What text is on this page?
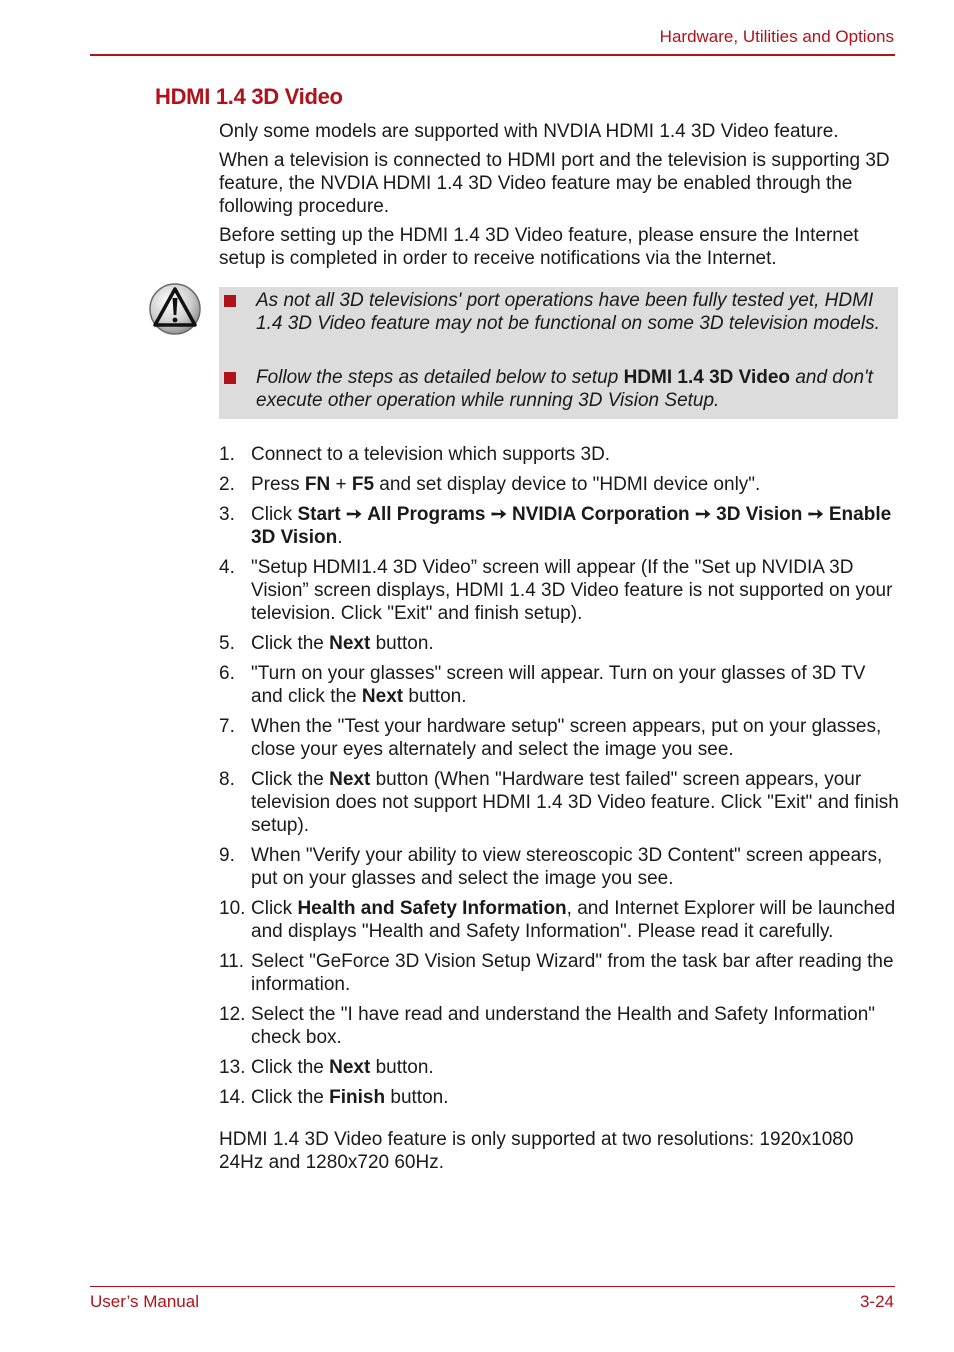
Hardware, Utilities and Options
HDMI 1.4 3D Video

Only some models are supported with NVDIA HDMI 1.4 3D Video feature.

When a television is connected to HDMI port and the television is supporting 3D feature, the NVDIA HDMI 1.4 3D Video feature may be enabled through the following procedure.

Before setting up the HDMI 1.4 3D Video feature, please ensure the Internet setup is completed in order to receive notifications via the Internet.

As not all 3D televisions' port operations have been fully tested yet, HDMI 1.4 3D Video feature may not be functional on some 3D television models.
Follow the steps as detailed below to setup HDMI 1.4 3D Video and don't execute other operation while running 3D Vision Setup.
1. Connect to a television which supports 3D.
2. Press FN + F5 and set display device to "HDMI device only".
3. Click Start ➙ All Programs ➙ NVIDIA Corporation ➙ 3D Vision ➙ Enable 3D Vision.
4. "Setup HDMI1.4 3D Video” screen will appear (If the "Set up NVIDIA 3D Vision” screen displays, HDMI 1.4 3D Video feature is not supported on your television. Click "Exit" and finish setup).
5. Click the Next button.
6. "Turn on your glasses" screen will appear. Turn on your glasses of 3D TV and click the Next button.
7. When the "Test your hardware setup" screen appears, put on your glasses, close your eyes alternately and select the image you see.
8. Click the Next button (When "Hardware test failed" screen appears, your television does not support HDMI 1.4 3D Video feature. Click "Exit" and finish setup).
9. When "Verify your ability to view stereoscopic 3D Content" screen appears, put on your glasses and select the image you see.
10. Click Health and Safety Information, and Internet Explorer will be launched and displays "Health and Safety Information". Please read it carefully.
11. Select "GeForce 3D Vision Setup Wizard" from the task bar after reading the information.
12. Select the "I have read and understand the Health and Safety Information" check box.
13. Click the Next button.
14. Click the Finish button.

HDMI 1.4 3D Video feature is only supported at two resolutions: 1920x1080 24Hz and 1280x720 60Hz.

User’s Manual	3-24
